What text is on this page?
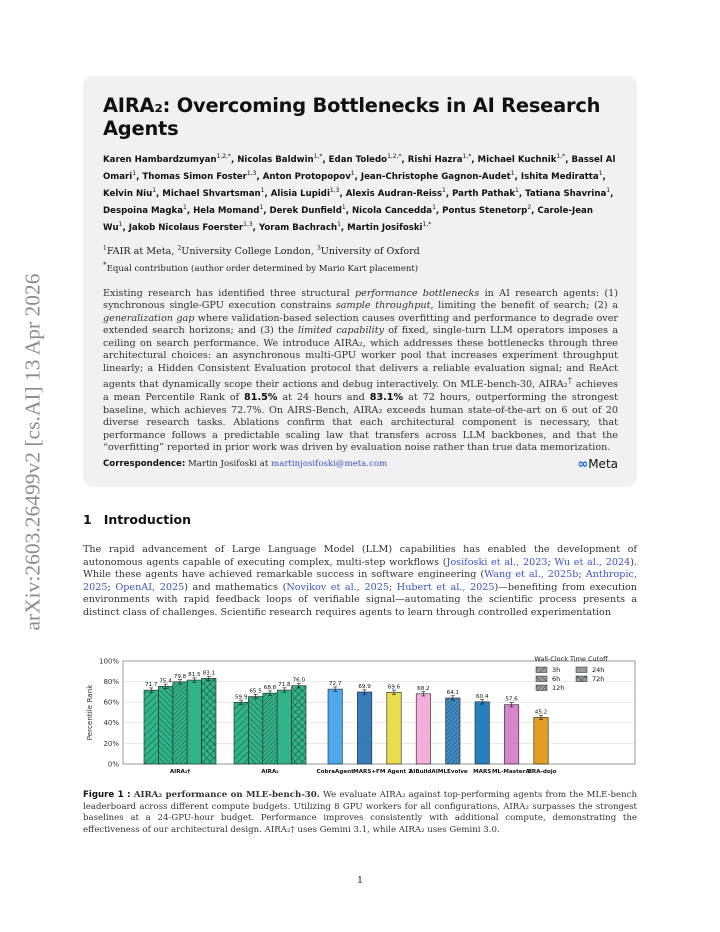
arXiv:2603.26499v2 [cs.AI] 13 Apr 2026
AIRA₂: Overcoming Bottlenecks in AI Research Agents
Karen Hambardzumyan$^{1,2,*}$, Nicolas Baldwin$^{1,*}$, Edan Toledo$^{1,2,*}$, Rishi Hazra$^{1,*}$, Michael Kuchnik$^{1,*}$, Bassel Al Omari$^1$, Thomas Simon Foster$^{1,3}$, Anton Protopopov$^1$, Jean-Christophe Gagnon-Audet$^1$, Ishita Mediratta$^1$, Kelvin Niu$^1$, Michael Shvartsman$^1$, Alisia Lupidi$^{1,3}$, Alexis Audran-Reiss$^1$, Parth Pathak$^1$, Tatiana Shavrina$^1$, Despoina Magka$^1$, Hela Momand$^1$, Derek Dunfield$^1$, Nicola Cancedda$^1$, Pontus Stenetorp$^2$, Carole-Jean Wu$^1$, Jakob Nicolaus Foerster$^{1,3}$, Yoram Bachrach$^1$, Martin Josifoski$^{1,*}$
$^1$FAIR at Meta, $^2$University College London, $^3$University of Oxford
*Equal contribution (author order determined by Mario Kart placement)
Existing research has identified three structural performance bottlenecks in AI research agents: (1) synchronous single-GPU execution constrains sample throughput, limiting the benefit of search; (2) a generalization gap where validation-based selection causes overfitting and performance to degrade over extended search horizons; and (3) the limited capability of fixed, single-turn LLM operators imposes a ceiling on search performance. We introduce AIRA₂, which addresses these bottlenecks through three architectural choices: an asynchronous multi-GPU worker pool that increases experiment throughput linearly; a Hidden Consistent Evaluation protocol that delivers a reliable evaluation signal; and ReAct agents that dynamically scope their actions and debug interactively. On MLE-bench-30, AIRA₂† achieves a mean Percentile Rank of 81.5% at 24 hours and 83.1% at 72 hours, outperforming the strongest baseline, which achieves 72.7%. On AIRS-Bench, AIRA₂ exceeds human state-of-the-art on 6 out of 20 diverse research tasks. Ablations confirm that each architectural component is necessary, that performance follows a predictable scaling law that transfers across LLM backbones, and that the “overfitting” reported in prior work was driven by evaluation noise rather than true data memorization.
Correspondence: Martin Josifoski at martinjosifoski@meta.com	∞Meta
1 Introduction
The rapid advancement of Large Language Model (LLM) capabilities has enabled the development of autonomous agents capable of executing complex, multi-step workflows (Josifoski et al., 2023; Wu et al., 2024). While these agents have achieved remarkable success in software engineering (Wang et al., 2025b; Anthropic, 2025; OpenAI, 2025) and mathematics (Novikov et al., 2025; Hubert et al., 2025)—benefiting from execution environments with rapid feedback loops of verifiable signal—automating the scientific process presents a distinct class of challenges. Scientific research requires agents to learn through controlled experimentation
0%
20%
40%
60%
80%
100%
Percentile Rank	71.7
75.4
79.8 81.5 83.1
AIRA₂†
59.9
65.5
68.8
71.8
76.0
AIRA₂
72.7
CobraAgent
69.9
MARS+
69.6
FM Agent 2
68.2
AIBuildAI
64.1
MLEvolve
60.4
MARS
57.6
ML-Master 2
45.2
AIRA-dojo
Wall-Clock Time Cutoff
3h
6h
12h
24h
72h
Figure 1 : AIRA₂ performance on MLE-bench-30. We evaluate AIRA₂ against top-performing agents from the MLE-bench leaderboard across different compute budgets. Utilizing 8 GPU workers for all configurations, AIRA₂ surpasses the strongest baselines at a 24-GPU-hour budget. Performance improves consistently with additional compute, demonstrating the effectiveness of our architectural design. AIRA₂† uses Gemini 3.1, while AIRA₂ uses Gemini 3.0.
1
